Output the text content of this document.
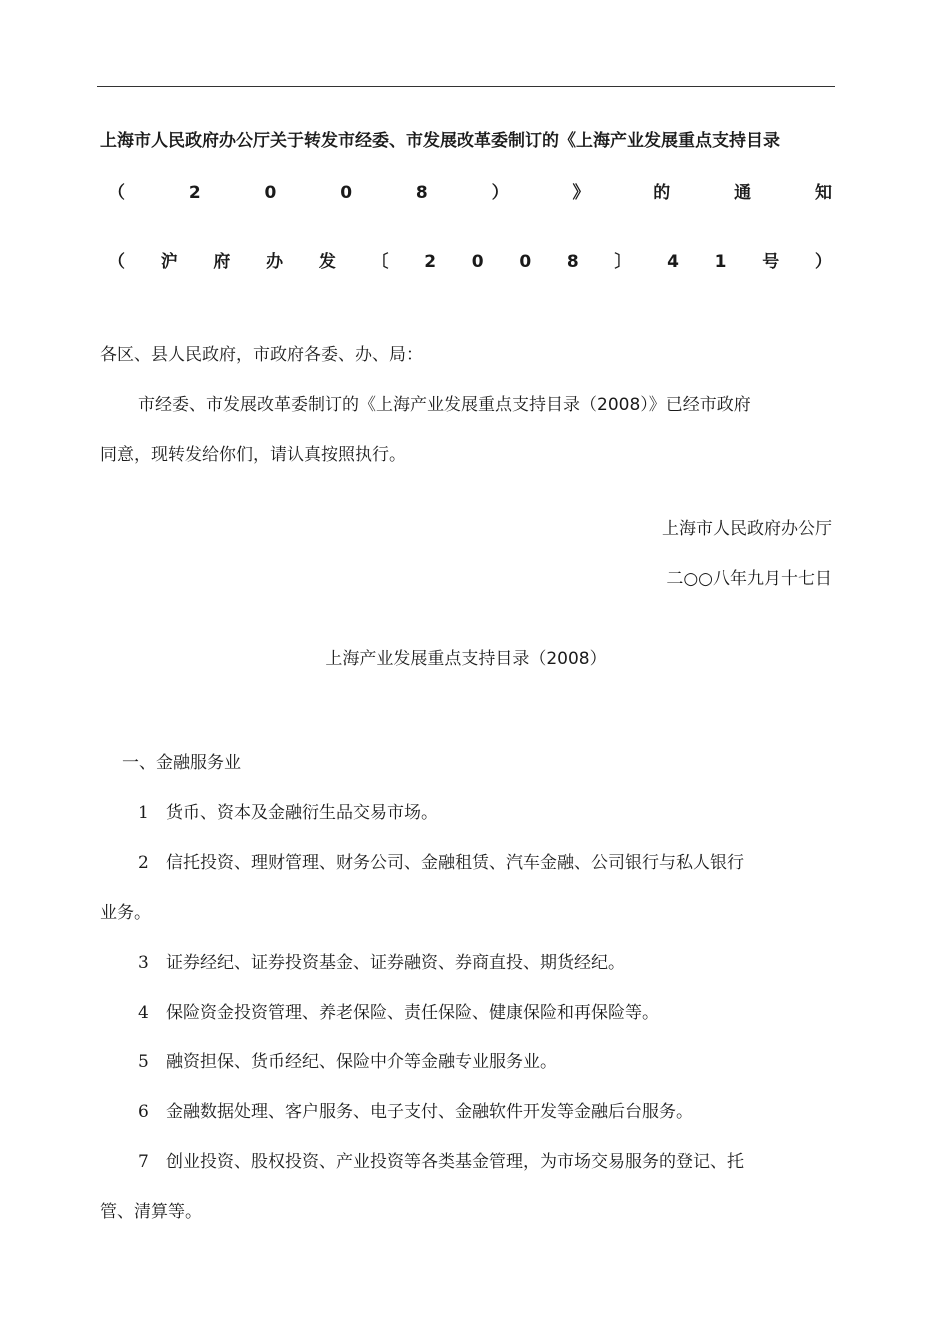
上海市人民政府办公厅关于转发市经委、市发展改革委制订的《上海产业发展重点支持目录
（	2	0	0	8	）	》	的	通	知
（ 沪 府 办 发 〔 2 0 0 8 〕 4 1 号 ）
各区、县人民政府，市政府各委、办、局：
市经委、市发展改革委制订的《上海产业发展重点支持目录（2008）》已经市政府
同意，现转发给你们，请认真按照执行。
上海市人民政府办公厅
二○○八年九月十七日
上海产业发展重点支持目录（2008）
一、金融服务业
1 货币、资本及金融衍生品交易市场。
2 信托投资、理财管理、财务公司、金融租赁、汽车金融、公司银行与私人银行
业务。
3 证券经纪、证券投资基金、证券融资、券商直投、期货经纪。
4 保险资金投资管理、养老保险、责任保险、健康保险和再保险等。
5 融资担保、货币经纪、保险中介等金融专业服务业。
6 金融数据处理、客户服务、电子支付、金融软件开发等金融后台服务。
7 创业投资、股权投资、产业投资等各类基金管理，为市场交易服务的登记、托
管、清算等。
